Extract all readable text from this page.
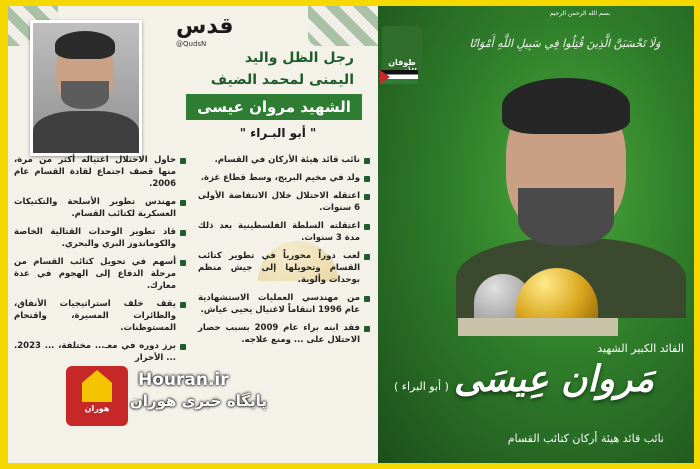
قدس
@QudsN
رجل الظل واليد
اليمنى لمحمد الضيف
الشهيد مروان عيسى
" أبو البـراء "
نائب قائد هيئة الأركان في القسام.
ولد في مخيم البريج، وسط قطاع غزة.
اعتقله الاحتلال خلال الانتفاضة الأولى 6 سنوات.
اعتقلته السلطة الفلسطينية بعد ذلك مدة 3 سنوات.
لعب دوراً محورياً في تطوير كتائب القسام وتحويلها إلى جيش منظم بوحدات وألوية.
من مهندسي العمليات الاستشهادية عام 1996 انتقاماً لاغتيال يحيى عياش.
فقد ابنه براء عام 2009 بسبب حصار الاحتلال على ... ومنع علاجه.
حاول الاحتلال اغتياله أكثر من مرة، منها قصف اجتماع لقادة القسام عام 2006.
مهندس تطوير الأسلحة والتكتيكات العسكرية لكتائب القسام.
قاد تطوير الوحدات القتالية الخاصة والكوماندوز البري والبحري.
أسهم في تحويل كتائب القسام من مرحلة الدفاع إلى الهجوم في عدة معارك.
يقف خلف استراتيجيات الأنفاق، والطائرات المسيرة، واقتحام المستوطنات.
برز دوره في معـ... مختلفة، ... 2023. ... الأحرار
هوران
Houran.ir
پایگاه خبری هوران
بسم الله الرحمن الرحيم
وَلَا تَحْسَبَنَّ الَّذِينَ قُتِلُوا فِي سَبِيلِ اللَّهِ أَمْوَاتًا
طوفان
القائد الكبير الشهيد
مَروان عِيسَى
( أبو البراء )
نائب قائد هيئة أركان كتائب القسام
